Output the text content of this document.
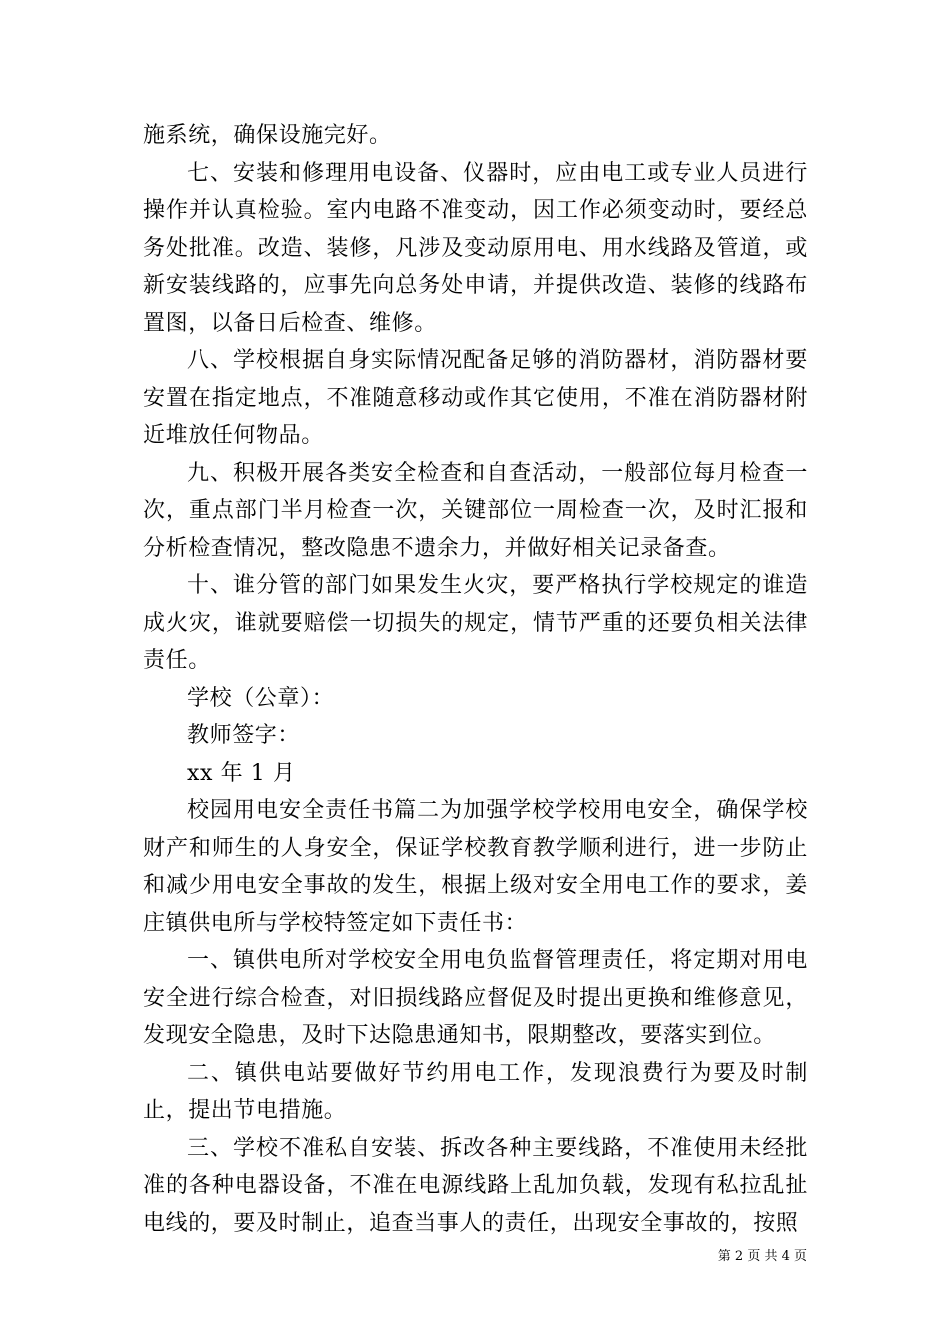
施系统，确保设施完好。

七、安装和修理用电设备、仪器时，应由电工或专业人员进行操作并认真检验。室内电路不准变动，因工作必须变动时，要经总务处批准。改造、装修，凡涉及变动原用电、用水线路及管道，或新安装线路的，应事先向总务处申请，并提供改造、装修的线路布置图，以备日后检查、维修。

八、学校根据自身实际情况配备足够的消防器材，消防器材要安置在指定地点，不准随意移动或作其它使用，不准在消防器材附近堆放任何物品。

九、积极开展各类安全检查和自查活动，一般部位每月检查一次，重点部门半月检查一次，关键部位一周检查一次，及时汇报和分析检查情况，整改隐患不遗余力，并做好相关记录备查。

十、谁分管的部门如果发生火灾，要严格执行学校规定的谁造成火灾，谁就要赔偿一切损失的规定，情节严重的还要负相关法律责任。

学校（公章）：

教师签字：

xx 年 1 月

校园用电安全责任书篇二为加强学校学校用电安全，确保学校财产和师生的人身安全，保证学校教育教学顺利进行，进一步防止和减少用电安全事故的发生，根据上级对安全用电工作的要求，姜庄镇供电所与学校特签定如下责任书：

一、镇供电所对学校安全用电负监督管理责任，将定期对用电安全进行综合检查，对旧损线路应督促及时提出更换和维修意见，发现安全隐患，及时下达隐患通知书，限期整改，要落实到位。

二、镇供电站要做好节约用电工作，发现浪费行为要及时制止，提出节电措施。

三、学校不准私自安装、拆改各种主要线路，不准使用未经批准的各种电器设备，不准在电源线路上乱加负载，发现有私拉乱扯电线的，要及时制止，追查当事人的责任，出现安全事故的，按照

第 2 页 共 4 页
